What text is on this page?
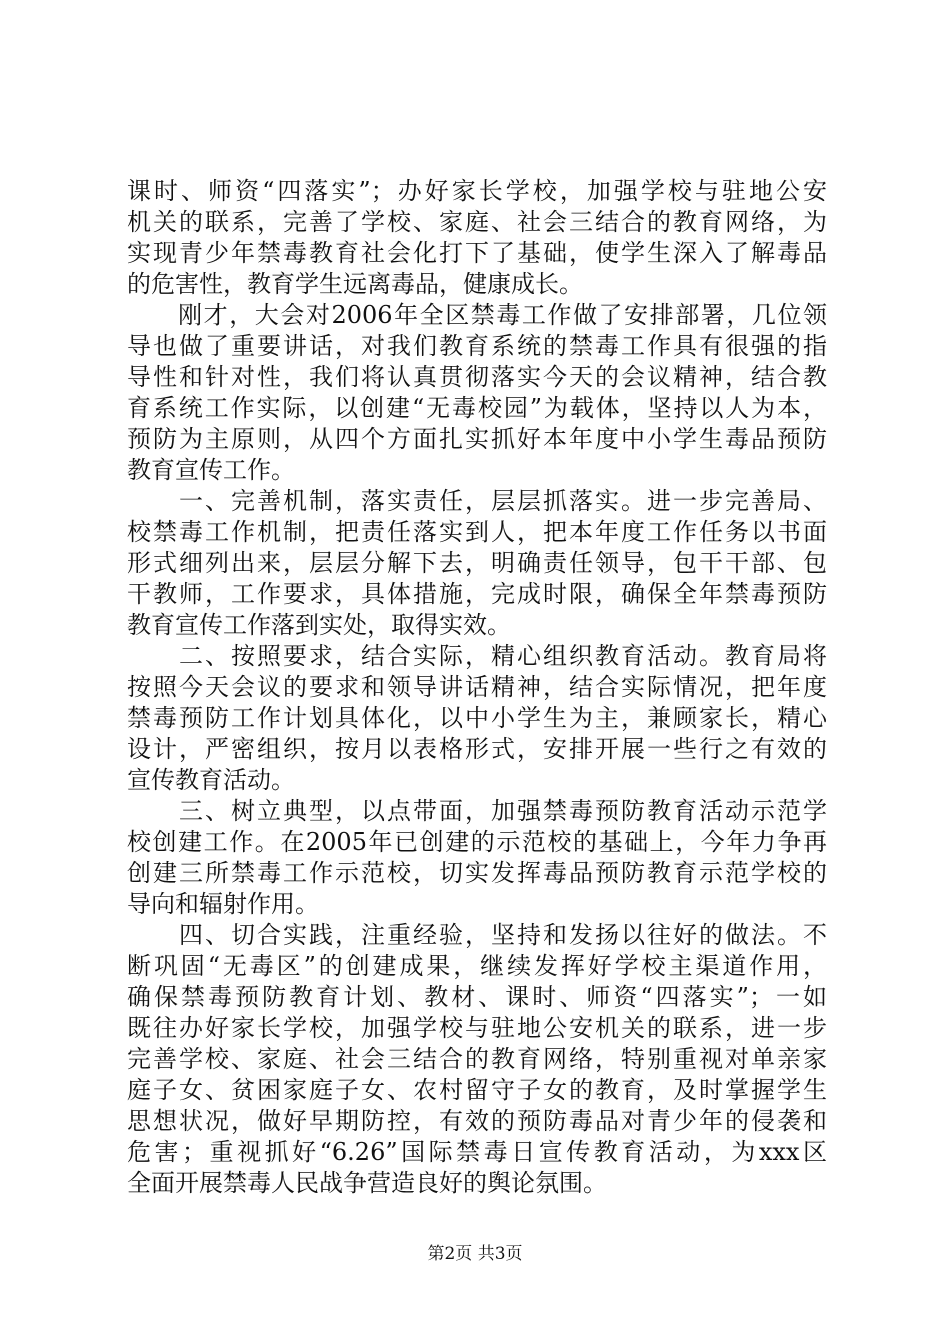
课时、师资“四落实”；办好家长学校，加强学校与驻地公安
机关的联系，完善了学校、家庭、社会三结合的教育网络，为
实现青少年禁毒教育社会化打下了基础，使学生深入了解毒品
的危害性，教育学生远离毒品，健康成长。
　　刚才，大会对2006年全区禁毒工作做了安排部署，几位领
导也做了重要讲话，对我们教育系统的禁毒工作具有很强的指
导性和针对性，我们将认真贯彻落实今天的会议精神，结合教
育系统工作实际，以创建“无毒校园”为载体，坚持以人为本，
预防为主原则，从四个方面扎实抓好本年度中小学生毒品预防
教育宣传工作。
　　一、完善机制，落实责任，层层抓落实。进一步完善局、
校禁毒工作机制，把责任落实到人，把本年度工作任务以书面
形式细列出来，层层分解下去，明确责任领导，包干干部、包
干教师，工作要求，具体措施，完成时限，确保全年禁毒预防
教育宣传工作落到实处，取得实效。
　　二、按照要求，结合实际，精心组织教育活动。教育局将
按照今天会议的要求和领导讲话精神，结合实际情况，把年度
禁毒预防工作计划具体化，以中小学生为主，兼顾家长，精心
设计，严密组织，按月以表格形式，安排开展一些行之有效的
宣传教育活动。
　　三、树立典型，以点带面，加强禁毒预防教育活动示范学
校创建工作。在2005年已创建的示范校的基础上，今年力争再
创建三所禁毒工作示范校，切实发挥毒品预防教育示范学校的
导向和辐射作用。
　　四、切合实践，注重经验，坚持和发扬以往好的做法。不
断巩固“无毒区”的创建成果，继续发挥好学校主渠道作用，
确保禁毒预防教育计划、教材、课时、师资“四落实”；一如
既往办好家长学校，加强学校与驻地公安机关的联系，进一步
完善学校、家庭、社会三结合的教育网络，特别重视对单亲家
庭子女、贫困家庭子女、农村留守子女的教育，及时掌握学生
思想状况，做好早期防控，有效的预防毒品对青少年的侵袭和
危害；重视抓好“6.26”国际禁毒日宣传教育活动，为xxx区
全面开展禁毒人民战争营造良好的舆论氛围。
第2页 共3页
